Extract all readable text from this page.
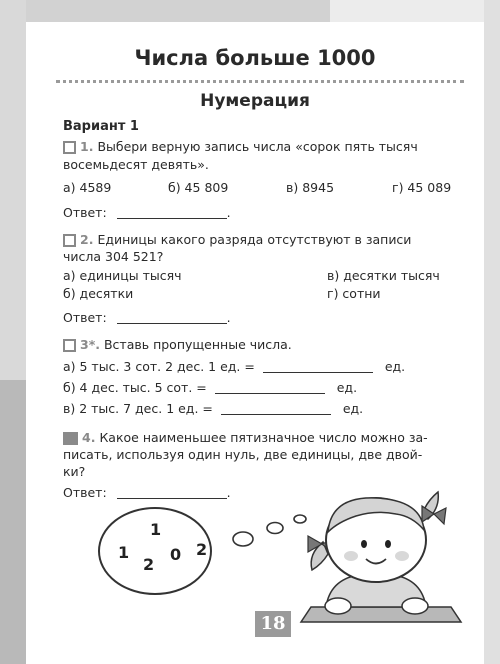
Числа больше 1000
Нумерация
Вариант 1
1. Выбери верную запись числа «сорок пять тысяч
восемьдесят девять».
а) 4589	б) 45 809	в) 8945	г) 45 089
Ответ:	.
2. Единицы какого разряда отсутствуют в записи
числа 304 521?
а) единицы тысяч	в) десятки тысяч
б) десятки	г) сотни
Ответ:	.
3*. Вставь пропущенные числа.
а) 5 тыс. 3 сот. 2 дес. 1 ед. =	ед.
б) 4 дес. тыс. 5 сот. =	ед.
в) 2 тыс. 7 дес. 1 ед. =	ед.
4. Какое наименьшее пятизначное число можно за-
писать, используя один нуль, две единицы, две двой-
ки?
Ответ:	.
1
1
2
0 2
18
